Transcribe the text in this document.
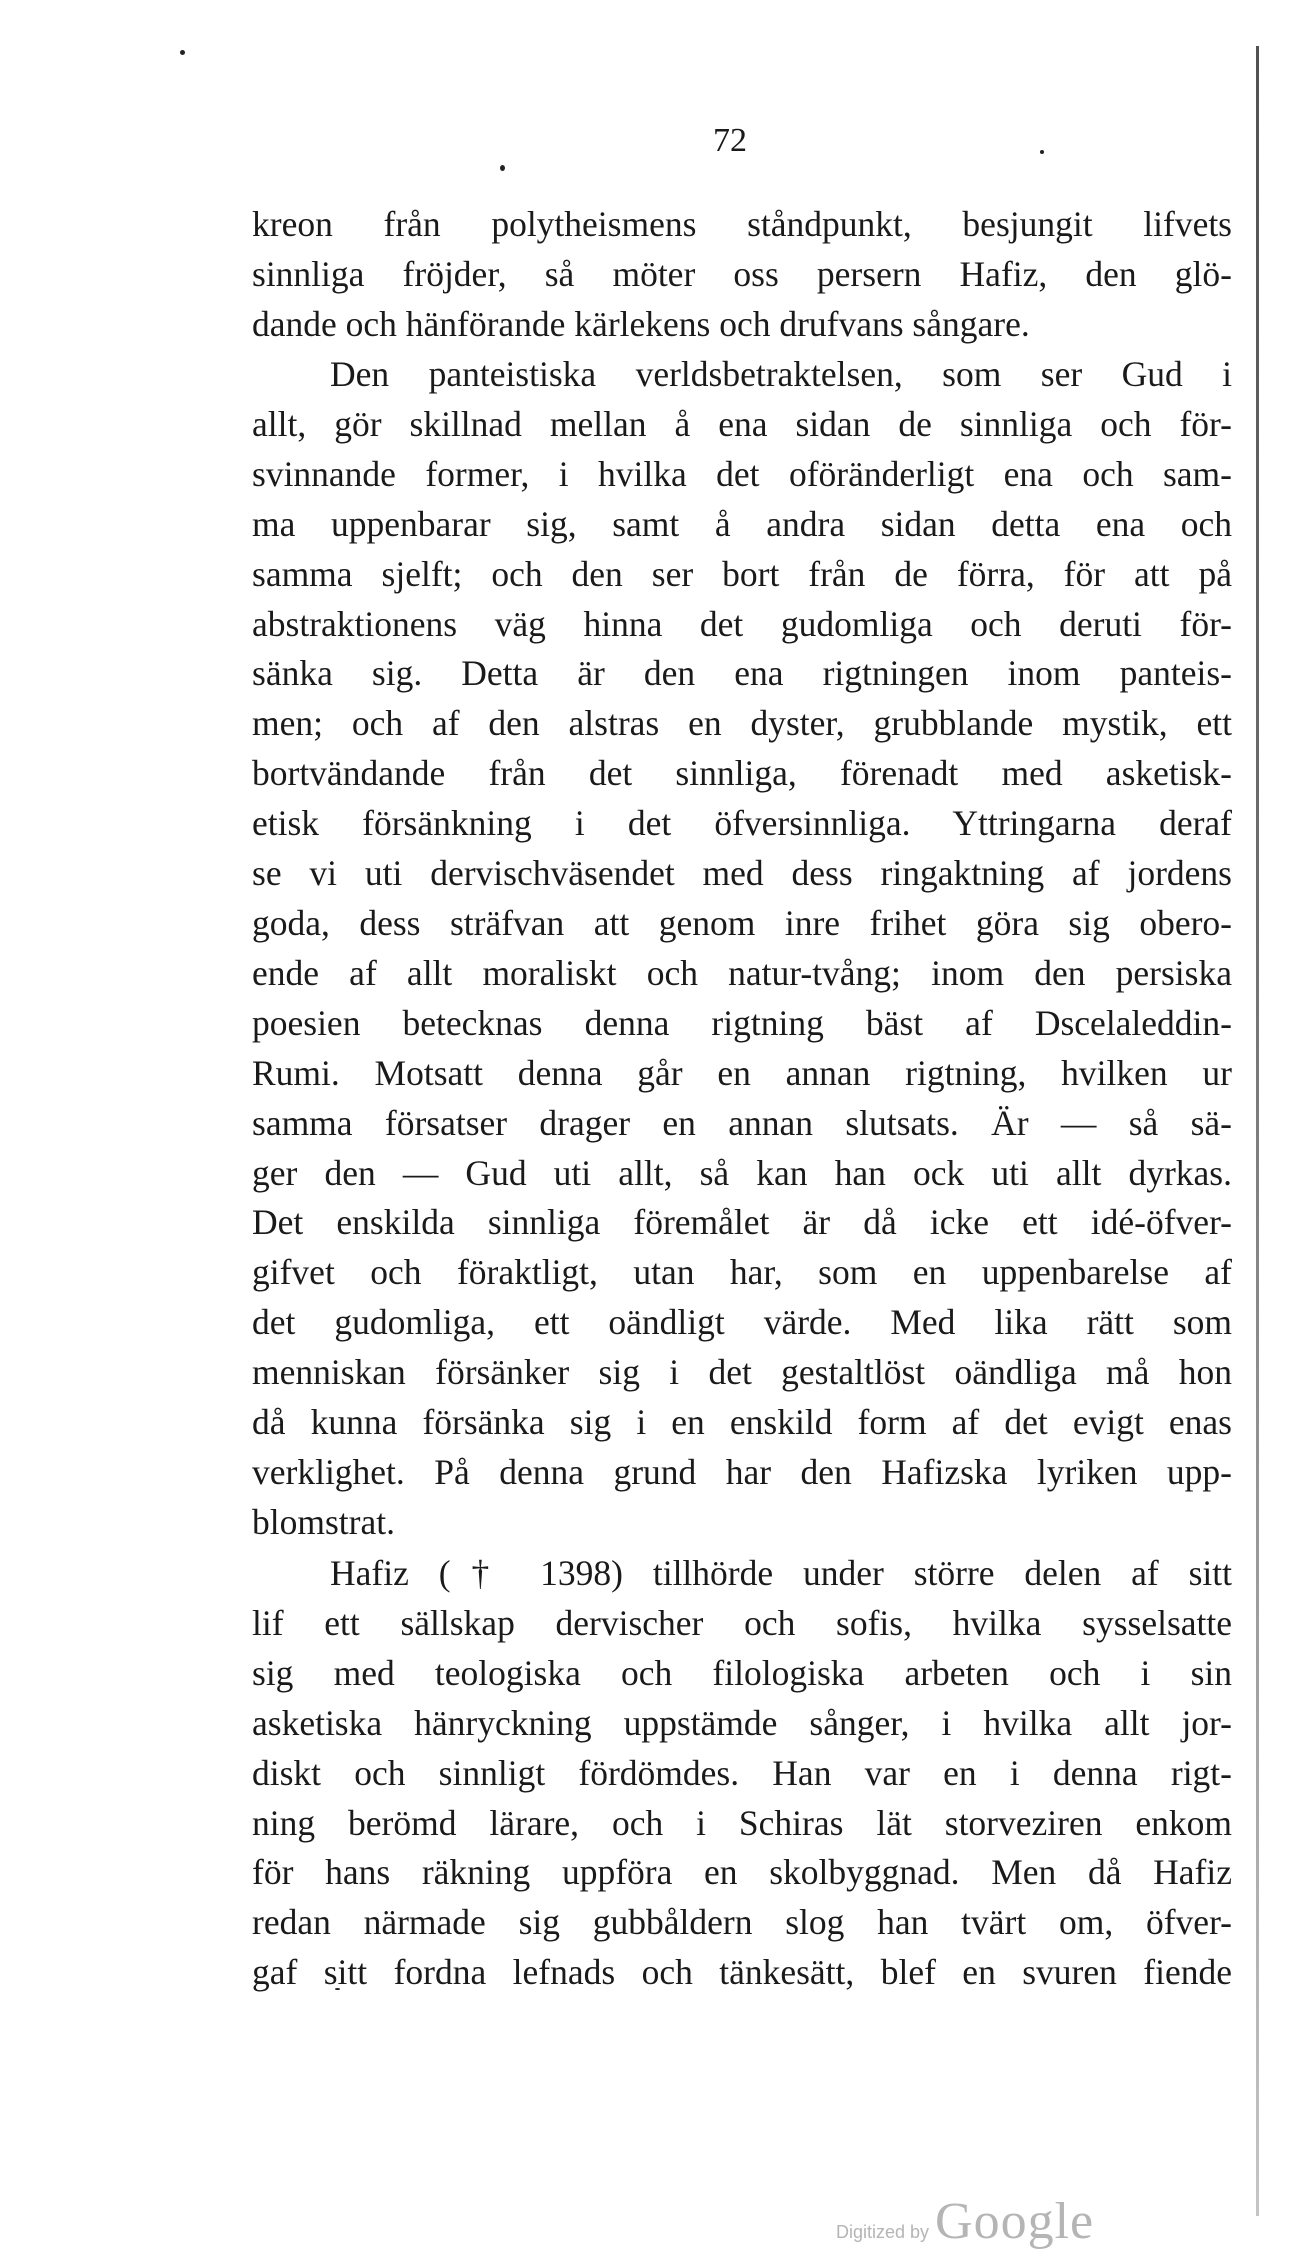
72
kreon från polytheismens ståndpunkt, besjungit lifvets
sinnliga fröjder, så möter oss persern Hafiz, den glö-
dande och hänförande kärlekens och drufvans sångare.
Den panteistiska verldsbetraktelsen, som ser Gud i
allt, gör skillnad mellan å ena sidan de sinnliga och för-
svinnande former, i hvilka det oföränderligt ena och sam-
ma uppenbarar sig, samt å andra sidan detta ena och
samma sjelft; och den ser bort från de förra, för att på
abstraktionens väg hinna det gudomliga och deruti för-
sänka sig. Detta är den ena rigtningen inom panteis-
men; och af den alstras en dyster, grubblande mystik, ett
bortvändande från det sinnliga, förenadt med asketisk-
etisk försänkning i det öfversinnliga. Yttringarna deraf
se vi uti dervischväsendet med dess ringaktning af jordens
goda, dess sträfvan att genom inre frihet göra sig obero-
ende af allt moraliskt och natur-tvång; inom den persiska
poesien betecknas denna rigtning bäst af Dscelaleddin-
Rumi. Motsatt denna går en annan rigtning, hvilken ur
samma försatser drager en annan slutsats. Är — så sä-
ger den — Gud uti allt, så kan han ock uti allt dyrkas.
Det enskilda sinnliga föremålet är då icke ett idé-öfver-
gifvet och föraktligt, utan har, som en uppenbarelse af
det gudomliga, ett oändligt värde. Med lika rätt som
menniskan försänker sig i det gestaltlöst oändliga må hon
då kunna försänka sig i en enskild form af det evigt enas
verklighet. På denna grund har den Hafizska lyriken upp-
blomstrat.
Hafiz († 1398) tillhörde under större delen af sitt
lif ett sällskap dervischer och sofis, hvilka sysselsatte
sig med teologiska och filologiska arbeten och i sin
asketiska hänryckning uppstämde sånger, i hvilka allt jor-
diskt och sinnligt fördömdes. Han var en i denna rigt-
ning berömd lärare, och i Schiras lät storveziren enkom
för hans räkning uppföra en skolbyggnad. Men då Hafiz
redan närmade sig gubbåldern slog han tvärt om, öfver-
gaf sitt fordna lefnads och tänkesätt, blef en svuren fiende
Digitized by Google
